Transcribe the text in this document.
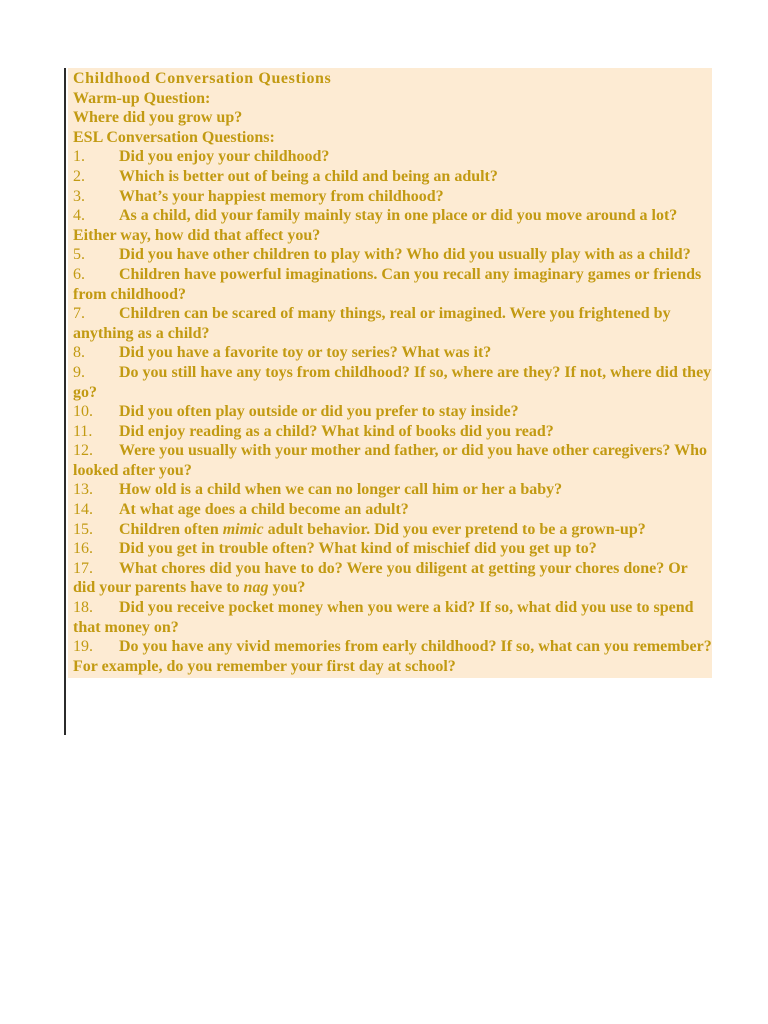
Childhood Conversation Questions
Warm-up Question:
Where did you grow up?
ESL Conversation Questions:
1. Did you enjoy your childhood?
2. Which is better out of being a child and being an adult?
3. What’s your happiest memory from childhood?
4. As a child, did your family mainly stay in one place or did you move around a lot? Either way, how did that affect you?
5. Did you have other children to play with? Who did you usually play with as a child?
6. Children have powerful imaginations. Can you recall any imaginary games or friends from childhood?
7. Children can be scared of many things, real or imagined. Were you frightened by anything as a child?
8. Did you have a favorite toy or toy series? What was it?
9. Do you still have any toys from childhood? If so, where are they? If not, where did they go?
10. Did you often play outside or did you prefer to stay inside?
11. Did enjoy reading as a child? What kind of books did you read?
12. Were you usually with your mother and father, or did you have other caregivers? Who looked after you?
13. How old is a child when we can no longer call him or her a baby?
14. At what age does a child become an adult?
15. Children often mimic adult behavior. Did you ever pretend to be a grown-up?
16. Did you get in trouble often? What kind of mischief did you get up to?
17. What chores did you have to do? Were you diligent at getting your chores done? Or did your parents have to nag you?
18. Did you receive pocket money when you were a kid? If so, what did you use to spend that money on?
19. Do you have any vivid memories from early childhood? If so, what can you remember? For example, do you remember your first day at school?
